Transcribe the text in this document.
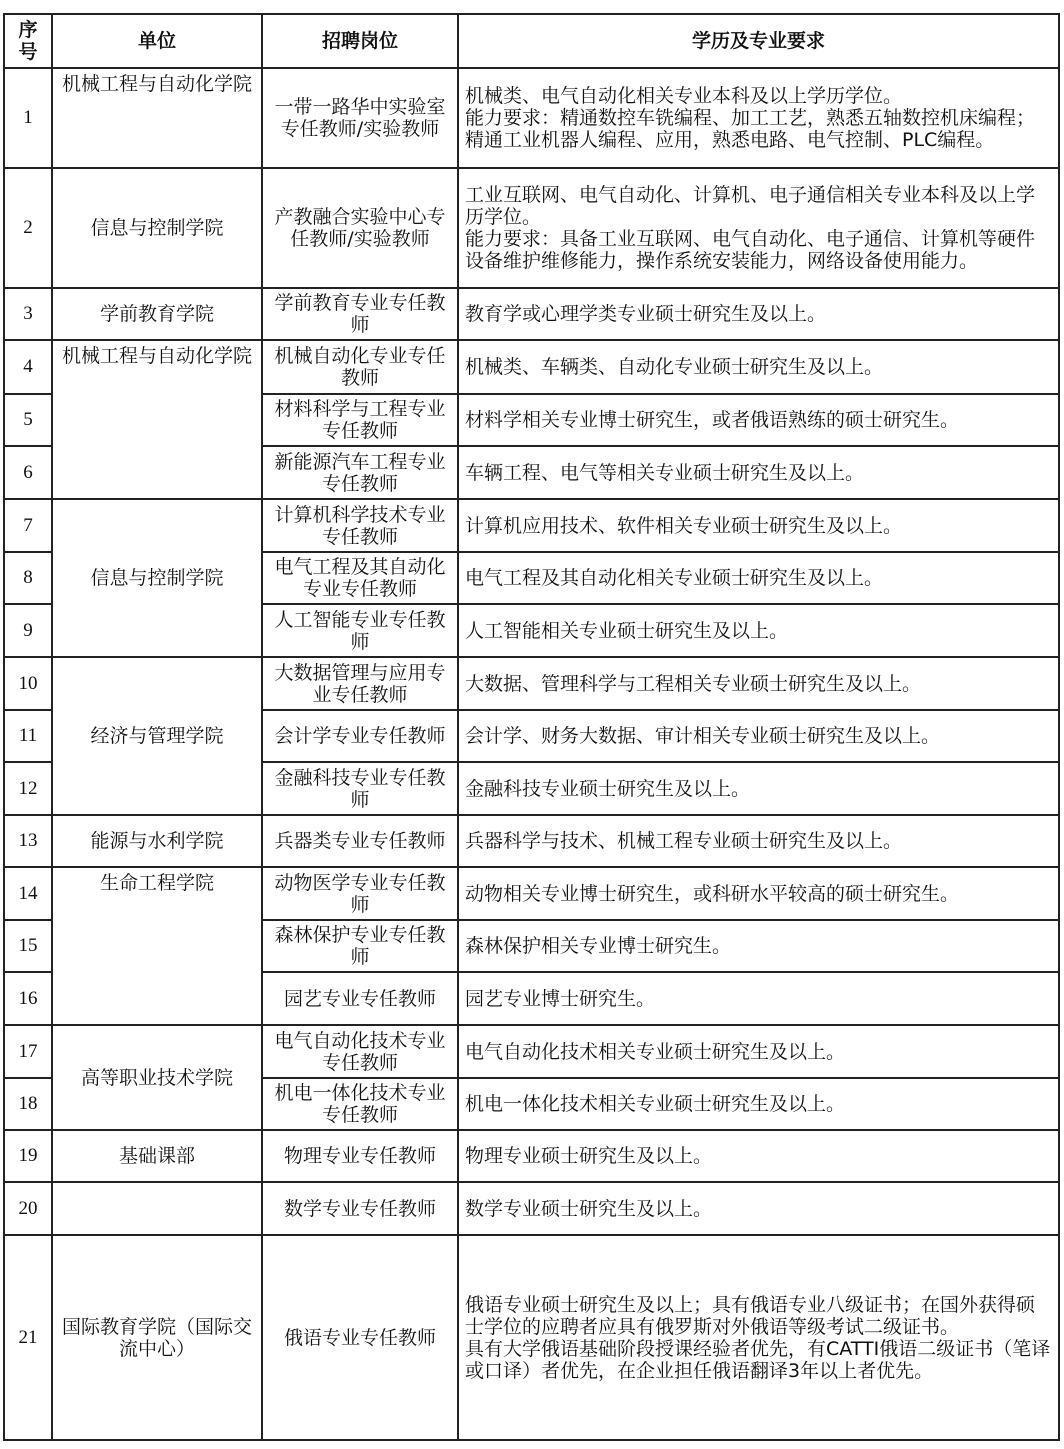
序
号	单位	招聘岗位	学历及专业要求
1	机械工程与自动化学院	一带一路华中实验室专任教师/实验教师	机械类、电气自动化相关专业本科及以上学历学位。
能力要求：精通数控车铣编程、加工工艺，熟悉五轴数控机床编程；精通工业机器人编程、应用，熟悉电路、电气控制、PLC编程。

2	信息与控制学院	产教融合实验中心专任教师/实验教师	工业互联网、电气自动化、计算机、电子通信相关专业本科及以上学历学位。
能力要求：具备工业互联网、电气自动化、电子通信、计算机等硬件设备维护维修能力，操作系统安装能力，网络设备使用能力。

3	学前教育学院	学前教育专业专任教师	教育学或心理学类专业硕士研究生及以上。

4	机械工程与自动化学院	机械自动化专业专任教师	机械类、车辆类、自动化专业硕士研究生及以上。

5		材料科学与工程专业专任教师	材料学相关专业博士研究生，或者俄语熟练的硕士研究生。

6		新能源汽车工程专业专任教师	车辆工程、电气等相关专业硕士研究生及以上。

7	信息与控制学院	计算机科学技术专业专任教师	计算机应用技术、软件相关专业硕士研究生及以上。

8		电气工程及其自动化专业专任教师	电气工程及其自动化相关专业硕士研究生及以上。

9		人工智能专业专任教师	人工智能相关专业硕士研究生及以上。

10	经济与管理学院	大数据管理与应用专业专任教师	大数据、管理科学与工程相关专业硕士研究生及以上。

11		会计学专业专任教师	会计学、财务大数据、审计相关专业硕士研究生及以上。

12		金融科技专业专任教师	金融科技专业硕士研究生及以上。

13	能源与水利学院	兵器类专业专任教师	兵器科学与技术、机械工程专业硕士研究生及以上。

14	生命工程学院	动物医学专业专任教师	动物相关专业博士研究生，或科研水平较高的硕士研究生。

15		森林保护专业专任教师	森林保护相关专业博士研究生。

16		园艺专业专任教师	园艺专业博士研究生。

17	高等职业技术学院	电气自动化技术专业专任教师	电气自动化技术相关专业硕士研究生及以上。

18		机电一体化技术专业专任教师	机电一体化技术相关专业硕士研究生及以上。

19	基础课部	物理专业专任教师	物理专业硕士研究生及以上。

20		数学专业专任教师	数学专业硕士研究生及以上。

21	国际教育学院（国际交流中心）	俄语专业专任教师	俄语专业硕士研究生及以上；具有俄语专业八级证书；在国外获得硕士学位的应聘者应具有俄罗斯对外俄语等级考试二级证书。
具有大学俄语基础阶段授课经验者优先，有CATTI俄语二级证书（笔译或口译）者优先，在企业担任俄语翻译3年以上者优先。
